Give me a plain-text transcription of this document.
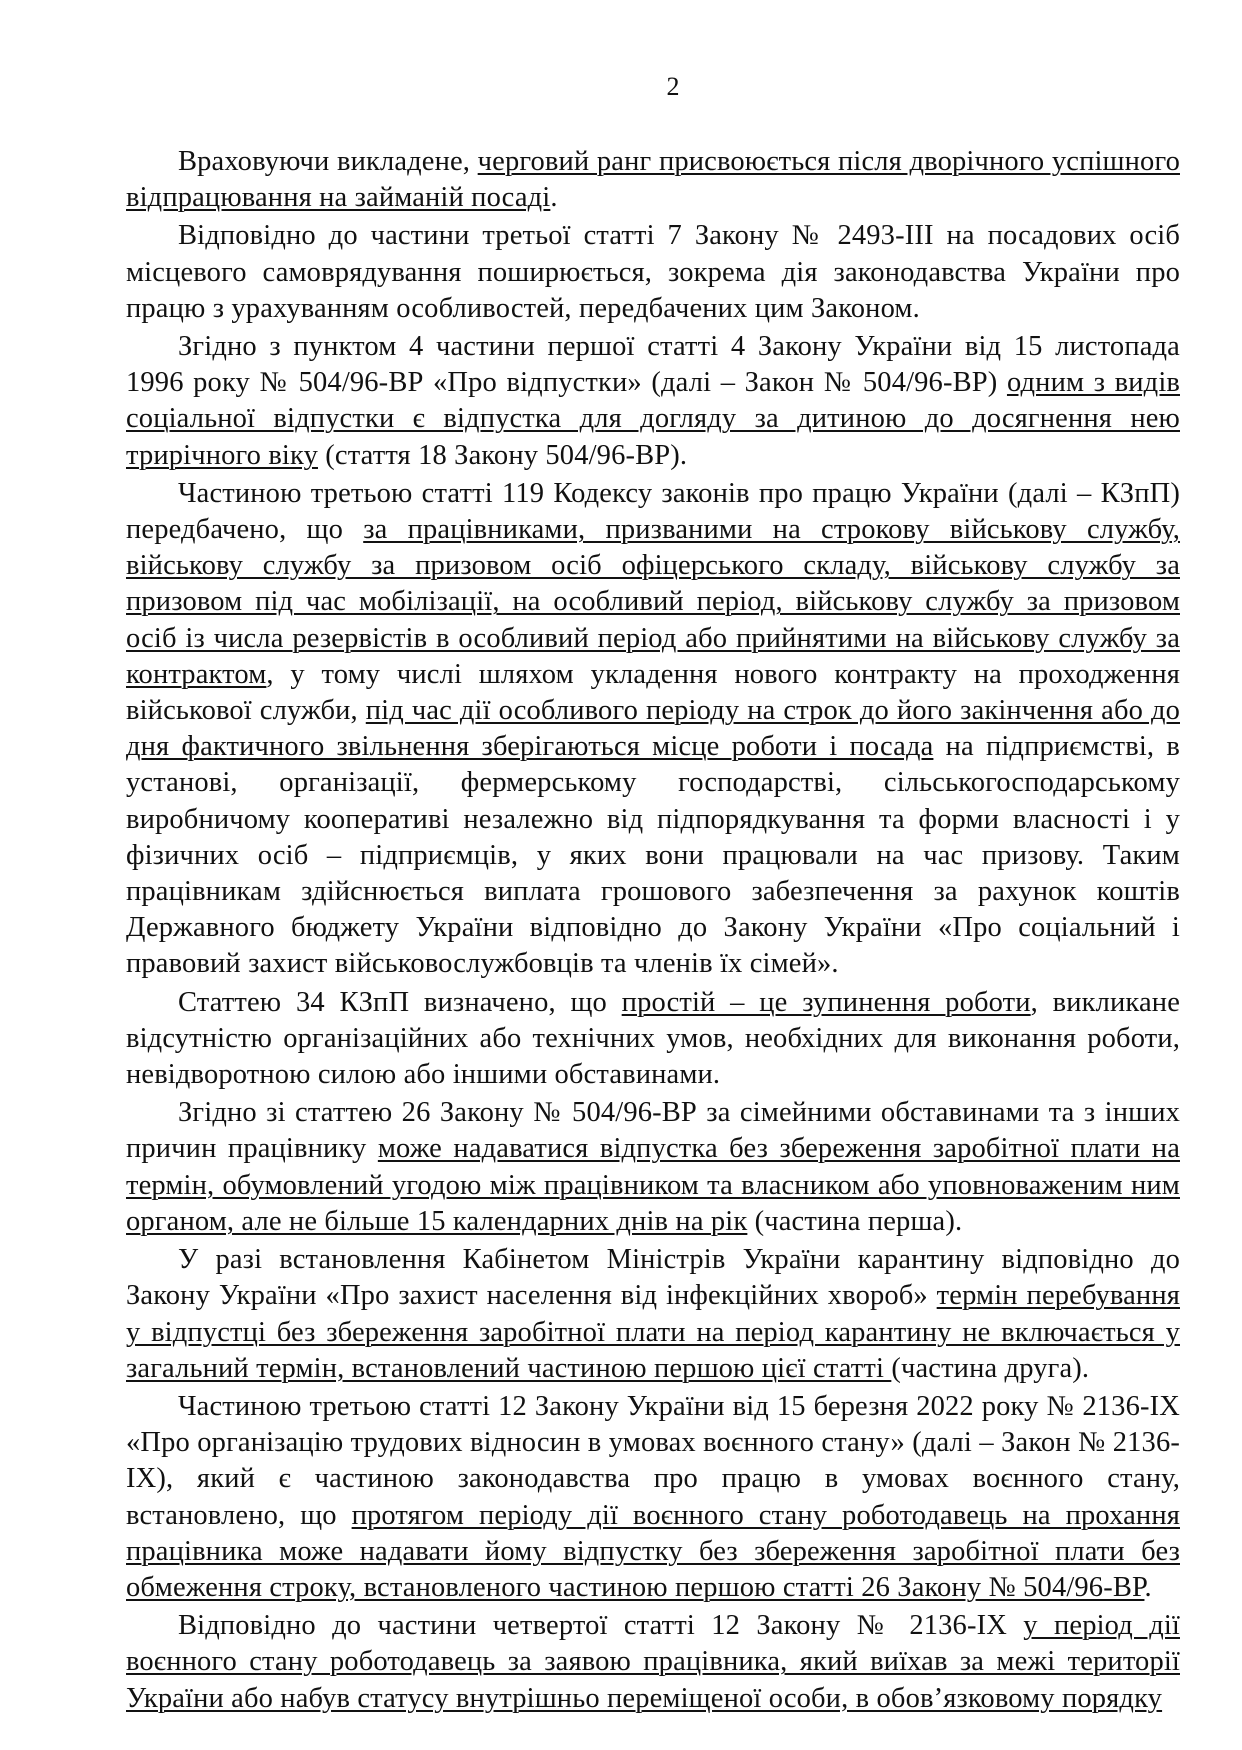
2

Враховуючи викладене, черговий ранг присвоюється після дворічного успішного відпрацювання на займаній посаді.

Відповідно до частини третьої статті 7 Закону № 2493-III на посадових осіб місцевого самоврядування поширюється, зокрема дія законодавства України про працю з урахуванням особливостей, передбачених цим Законом.

Згідно з пунктом 4 частини першої статті 4 Закону України від 15 листопада 1996 року № 504/96-ВР «Про відпустки» (далі – Закон № 504/96-ВР) одним з видів соціальної відпустки є відпустка для догляду за дитиною до досягнення нею трирічного віку (стаття 18 Закону 504/96-ВР).

Частиною третьою статті 119 Кодексу законів про працю України (далі – КЗпП) передбачено, що за працівниками, призваними на строкову військову службу, військову службу за призовом осіб офіцерського складу, військову службу за призовом під час мобілізації, на особливий період, військову службу за призовом осіб із числа резервістів в особливий період або прийнятими на військову службу за контрактом, у тому числі шляхом укладення нового контракту на проходження військової служби, під час дії особливого періоду на строк до його закінчення або до дня фактичного звільнення зберігаються місце роботи і посада на підприємстві, в установі, організації, фермерському господарстві, сільськогосподарському виробничому кооперативі незалежно від підпорядкування та форми власності і у фізичних осіб – підприємців, у яких вони працювали на час призову. Таким працівникам здійснюється виплата грошового забезпечення за рахунок коштів Державного бюджету України відповідно до Закону України «Про соціальний і правовий захист військовослужбовців та членів їх сімей».

Статтею 34 КЗпП визначено, що простій – це зупинення роботи, викликане відсутністю організаційних або технічних умов, необхідних для виконання роботи, невідворотною силою або іншими обставинами.

Згідно зі статтею 26 Закону № 504/96-ВР за сімейними обставинами та з інших причин працівнику може надаватися відпустка без збереження заробітної плати на термін, обумовлений угодою між працівником та власником або уповноваженим ним органом, але не більше 15 календарних днів на рік (частина перша).

У разі встановлення Кабінетом Міністрів України карантину відповідно до Закону України «Про захист населення від інфекційних хвороб» термін перебування у відпустці без збереження заробітної плати на період карантину не включається у загальний термін, встановлений частиною першою цієї статті (частина друга).

Частиною третьою статті 12 Закону України від 15 березня 2022 року № 2136-IX «Про організацію трудових відносин в умовах воєнного стану» (далі – Закон № 2136-IX), який є частиною законодавства про працю в умовах воєнного стану, встановлено, що протягом періоду дії воєнного стану роботодавець на прохання працівника може надавати йому відпустку без збереження заробітної плати без обмеження строку, встановленого частиною першою статті 26 Закону № 504/96-ВР.

Відповідно до частини четвертої статті 12 Закону № 2136-IX у період дії воєнного стану роботодавець за заявою працівника, який виїхав за межі території України або набув статусу внутрішньо переміщеної особи, в обов’язковому порядку
